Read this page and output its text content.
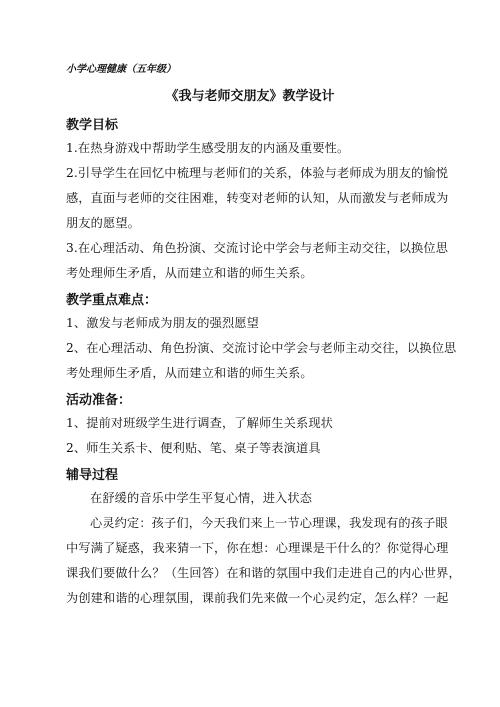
小学心理健康（五年级）
《我与老师交朋友》教学设计
教学目标
1.在热身游戏中帮助学生感受朋友的内涵及重要性。
2.引导学生在回忆中梳理与老师们的关系，体验与老师成为朋友的愉悦
感，直面与老师的交往困难，转变对老师的认知，从而激发与老师成为
朋友的愿望。
3.在心理活动、角色扮演、交流讨论中学会与老师主动交往，以换位思
考处理师生矛盾，从而建立和谐的师生关系。
教学重点难点：
1、激发与老师成为朋友的强烈愿望
2、在心理活动、角色扮演、交流讨论中学会与老师主动交往，以换位思
考处理师生矛盾，从而建立和谐的师生关系。
活动准备：
1、提前对班级学生进行调查，了解师生关系现状
2、师生关系卡、便利贴、笔、桌子等表演道具
辅导过程
在舒缓的音乐中学生平复心情，进入状态
心灵约定：孩子们，今天我们来上一节心理课，我发现有的孩子眼
中写满了疑惑，我来猜一下，你在想：心理课是干什么的？你觉得心理
课我们要做什么？（生回答）在和谐的氛围中我们走进自己的内心世界，
为创建和谐的心理氛围，课前我们先来做一个心灵约定，怎么样？一起
